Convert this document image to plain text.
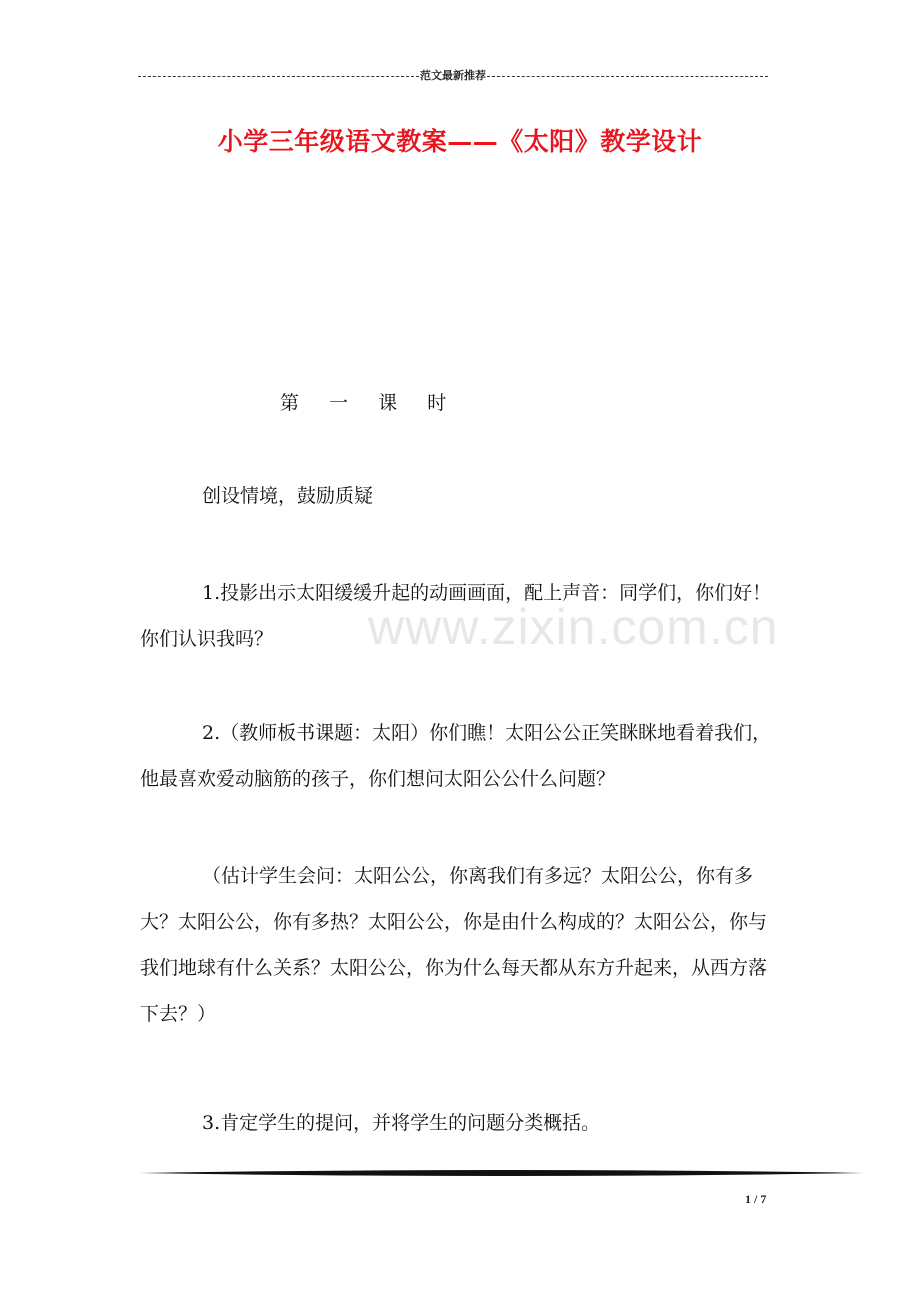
范文最新推荐
小学三年级语文教案——《太阳》教学设计
第 一 课 时

创设情境，鼓励质疑

1.投影出示太阳缓缓升起的动画画面，配上声音：同学们，你们好！你们认识我吗？

2.（教师板书课题：太阳）你们瞧！太阳公公正笑眯眯地看着我们，他最喜欢爱动脑筋的孩子，你们想问太阳公公什么问题？

（估计学生会问：太阳公公，你离我们有多远？太阳公公，你有多大？太阳公公，你有多热？太阳公公，你是由什么构成的？太阳公公，你与我们地球有什么关系？太阳公公，你为什么每天都从东方升起来，从西方落下去？）

3.肯定学生的提问，并将学生的问题分类概括。

www.zixin.com.cn
1 / 7
